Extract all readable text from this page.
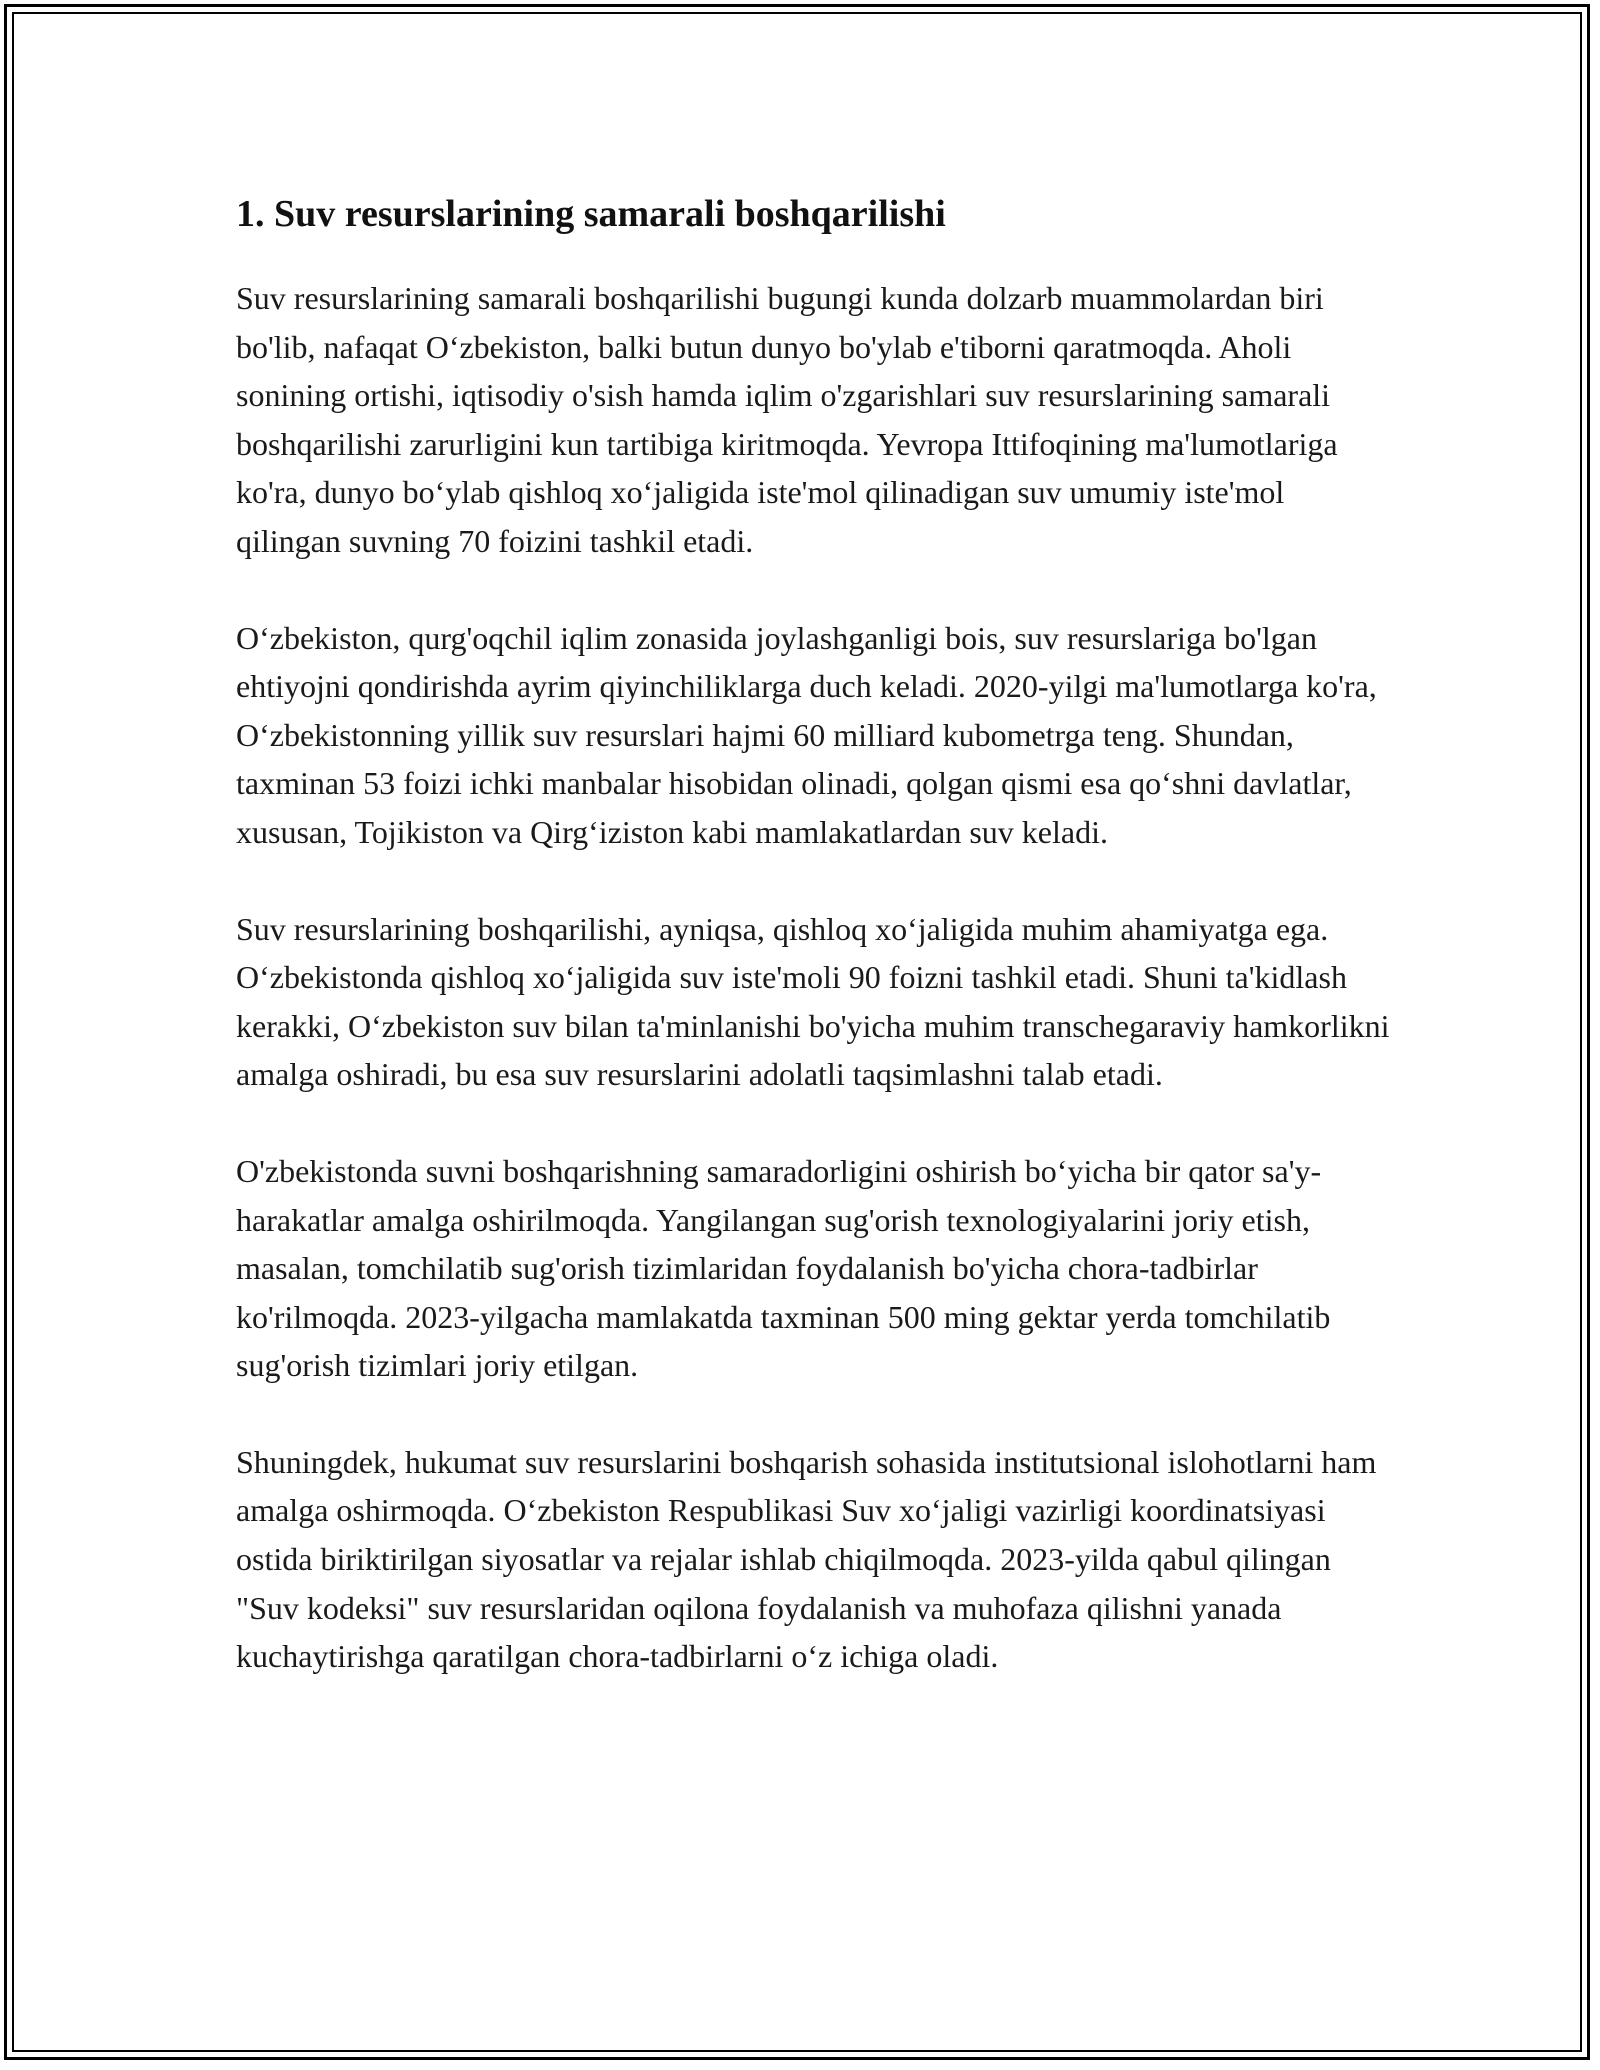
1. Suv resurslarining samarali boshqarilishi

Suv resurslarining samarali boshqarilishi bugungi kunda dolzarb muammolardan biri bo'lib, nafaqat O‘zbekiston, balki butun dunyo bo'ylab e'tiborni qaratmoqda. Aholi sonining ortishi, iqtisodiy o'sish hamda iqlim o'zgarishlari suv resurslarining samarali boshqarilishi zarurligini kun tartibiga kiritmoqda. Yevropa Ittifoqining ma'lumotlariga ko'ra, dunyo bo‘ylab qishloq xo‘jaligida iste'mol qilinadigan suv umumiy iste'mol qilingan suvning 70 foizini tashkil etadi.

O‘zbekiston, qurg'oqchil iqlim zonasida joylashganligi bois, suv resurslariga bo'lgan ehtiyojni qondirishda ayrim qiyinchiliklarga duch keladi. 2020-yilgi ma'lumotlarga ko'ra, O‘zbekistonning yillik suv resurslari hajmi 60 milliard kubometrga teng. Shundan, taxminan 53 foizi ichki manbalar hisobidan olinadi, qolgan qismi esa qo‘shni davlatlar, xususan, Tojikiston va Qirg‘iziston kabi mamlakatlardan suv keladi.

Suv resurslarining boshqarilishi, ayniqsa, qishloq xo‘jaligida muhim ahamiyatga ega. O‘zbekistonda qishloq xo‘jaligida suv iste'moli 90 foizni tashkil etadi. Shuni ta'kidlash kerakki, O‘zbekiston suv bilan ta'minlanishi bo'yicha muhim transchegaraviy hamkorlikni amalga oshiradi, bu esa suv resurslarini adolatli taqsimlashni talab etadi.

O'zbekistonda suvni boshqarishning samaradorligini oshirish bo‘yicha bir qator sa'y-harakatlar amalga oshirilmoqda. Yangilangan sug'orish texnologiyalarini joriy etish, masalan, tomchilatib sug'orish tizimlaridan foydalanish bo'yicha chora-tadbirlar ko'rilmoqda. 2023-yilgacha mamlakatda taxminan 500 ming gektar yerda tomchilatib sug'orish tizimlari joriy etilgan.

Shuningdek, hukumat suv resurslarini boshqarish sohasida institutsional islohotlarni ham amalga oshirmoqda. O‘zbekiston Respublikasi Suv xo‘jaligi vazirligi koordinatsiyasi ostida biriktirilgan siyosatlar va rejalar ishlab chiqilmoqda. 2023-yilda qabul qilingan "Suv kodeksi" suv resurslaridan oqilona foydalanish va muhofaza qilishni yanada kuchaytirishga qaratilgan chora-tadbirlarni o‘z ichiga oladi.
